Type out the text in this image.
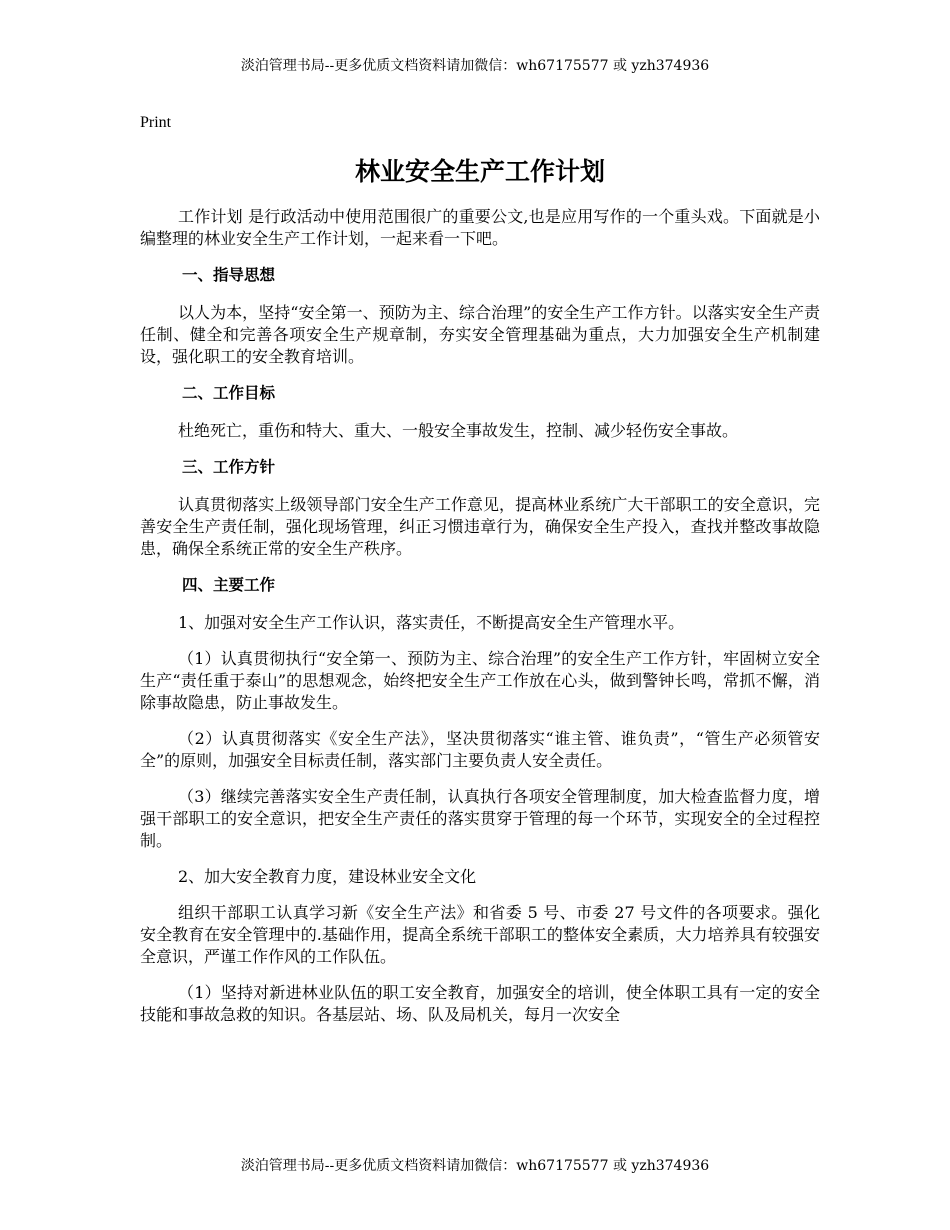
淡泊管理书局--更多优质文档资料请加微信：wh67175577 或 yzh374936
Print
林业安全生产工作计划

工作计划 是行政活动中使用范围很广的重要公文,也是应用写作的一个重头戏。下面就是小编整理的林业安全生产工作计划，一起来看一下吧。

一、指导思想

以人为本，坚持“安全第一、预防为主、综合治理”的安全生产工作方针。以落实安全生产责任制、健全和完善各项安全生产规章制，夯实安全管理基础为重点，大力加强安全生产机制建设，强化职工的安全教育培训。

二、工作目标

杜绝死亡，重伤和特大、重大、一般安全事故发生，控制、减少轻伤安全事故。

三、工作方针

认真贯彻落实上级领导部门安全生产工作意见，提高林业系统广大干部职工的安全意识，完善安全生产责任制，强化现场管理，纠正习惯违章行为，确保安全生产投入，查找并整改事故隐患，确保全系统正常的安全生产秩序。

四、主要工作

1、加强对安全生产工作认识，落实责任，不断提高安全生产管理水平。

（1）认真贯彻执行“安全第一、预防为主、综合治理”的安全生产工作方针，牢固树立安全生产“责任重于泰山”的思想观念，始终把安全生产工作放在心头，做到警钟长鸣，常抓不懈，消除事故隐患，防止事故发生。

（2）认真贯彻落实《安全生产法》，坚决贯彻落实“谁主管、谁负责”，“管生产必须管安全”的原则，加强安全目标责任制，落实部门主要负责人安全责任。

（3）继续完善落实安全生产责任制，认真执行各项安全管理制度，加大检查监督力度，增强干部职工的安全意识，把安全生产责任的落实贯穿于管理的每一个环节，实现安全的全过程控制。

2、加大安全教育力度，建设林业安全文化

组织干部职工认真学习新《安全生产法》和省委 5 号、市委 27 号文件的各项要求。强化安全教育在安全管理中的.基础作用，提高全系统干部职工的整体安全素质，大力培养具有较强安全意识，严谨工作作风的工作队伍。

（1）坚持对新进林业队伍的职工安全教育，加强安全的培训，使全体职工具有一定的安全技能和事故急救的知识。各基层站、场、队及局机关，每月一次安全

淡泊管理书局--更多优质文档资料请加微信：wh67175577 或 yzh374936
